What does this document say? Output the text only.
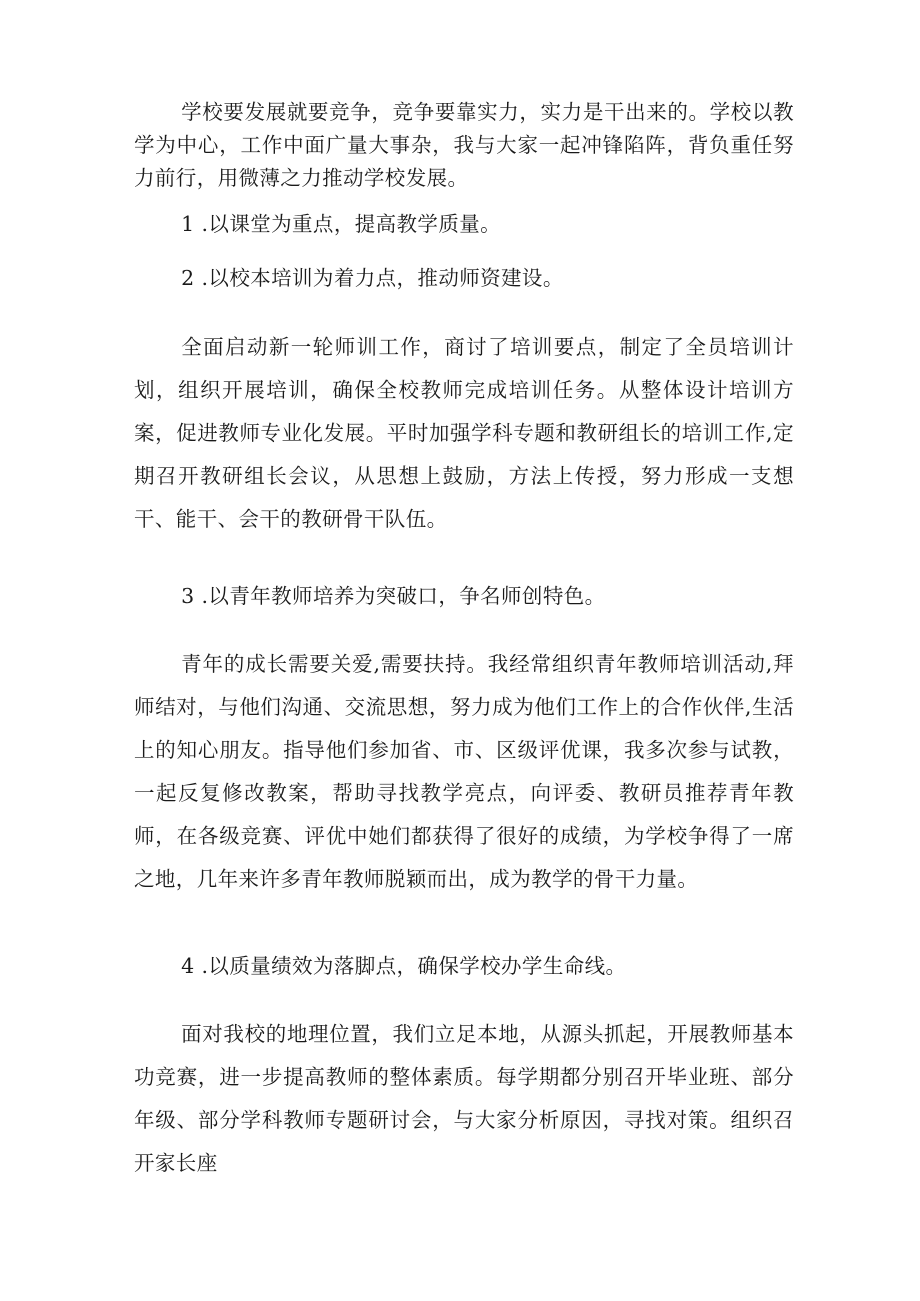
学校要发展就要竞争，竞争要靠实力，实力是干出来的。学校以教学为中心，工作中面广量大事杂，我与大家一起冲锋陷阵，背负重任努力前行，用微薄之力推动学校发展。

1 .以课堂为重点，提高教学质量。

2 .以校本培训为着力点，推动师资建设。

全面启动新一轮师训工作，商讨了培训要点，制定了全员培训计划，组织开展培训，确保全校教师完成培训任务。从整体设计培训方案，促进教师专业化发展。平时加强学科专题和教研组长的培训工作,定期召开教研组长会议，从思想上鼓励，方法上传授，努力形成一支想干、能干、会干的教研骨干队伍。

3 .以青年教师培养为突破口，争名师创特色。

青年的成长需要关爱,需要扶持。我经常组织青年教师培训活动,拜师结对，与他们沟通、交流思想，努力成为他们工作上的合作伙伴,生活上的知心朋友。指导他们参加省、市、区级评优课，我多次参与试教，一起反复修改教案，帮助寻找教学亮点，向评委、教研员推荐青年教师，在各级竞赛、评优中她们都获得了很好的成绩，为学校争得了一席之地，几年来许多青年教师脱颖而出，成为教学的骨干力量。

4 .以质量绩效为落脚点，确保学校办学生命线。

面对我校的地理位置，我们立足本地，从源头抓起，开展教师基本功竞赛，进一步提高教师的整体素质。每学期都分别召开毕业班、部分年级、部分学科教师专题研讨会，与大家分析原因，寻找对策。组织召开家长座
